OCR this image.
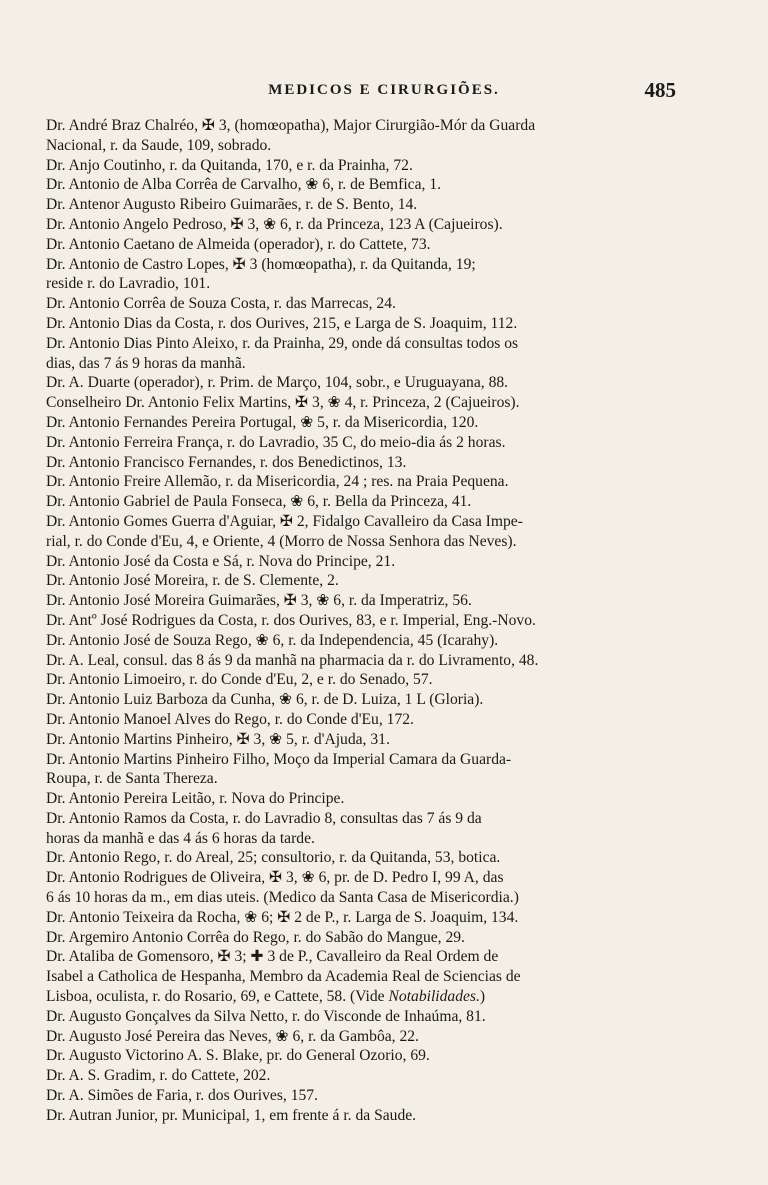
MEDICOS E CIRURGIÕES.	485
Dr. André Braz Chalréo, ✠ 3, (homœopatha), Major Cirurgião-Mór da Guarda
Nacional, r. da Saude, 109, sobrado.
Dr. Anjo Coutinho, r. da Quitanda, 170, e r. da Prainha, 72.
Dr. Antonio de Alba Corrêa de Carvalho, ❀ 6, r. de Bemfica, 1.
Dr. Antenor Augusto Ribeiro Guimarães, r. de S. Bento, 14.
Dr. Antonio Angelo Pedroso, ✠ 3, ❀ 6, r. da Princeza, 123 A (Cajueiros).
Dr. Antonio Caetano de Almeida (operador), r. do Cattete, 73.
Dr. Antonio de Castro Lopes, ✠ 3 (homœopatha), r. da Quitanda, 19;
reside r. do Lavradio, 101.
Dr. Antonio Corrêa de Souza Costa, r. das Marrecas, 24.
Dr. Antonio Dias da Costa, r. dos Ourives, 215, e Larga de S. Joaquim, 112.
Dr. Antonio Dias Pinto Aleixo, r. da Prainha, 29, onde dá consultas todos os
dias, das 7 ás 9 horas da manhã.
Dr. A. Duarte (operador), r. Prim. de Março, 104, sobr., e Uruguayana, 88.
Conselheiro Dr. Antonio Felix Martins, ✠ 3, ❀ 4, r. Princeza, 2 (Cajueiros).
Dr. Antonio Fernandes Pereira Portugal, ❀ 5, r. da Misericordia, 120.
Dr. Antonio Ferreira França, r. do Lavradio, 35 C, do meio-dia ás 2 horas.
Dr. Antonio Francisco Fernandes, r. dos Benedictinos, 13.
Dr. Antonio Freire Allemão, r. da Misericordia, 24 ; res. na Praia Pequena.
Dr. Antonio Gabriel de Paula Fonseca, ❀ 6, r. Bella da Princeza, 41.
Dr. Antonio Gomes Guerra d'Aguiar, ✠ 2, Fidalgo Cavalleiro da Casa Impe-
rial, r. do Conde d'Eu, 4, e Oriente, 4 (Morro de Nossa Senhora das Neves).
Dr. Antonio José da Costa e Sá, r. Nova do Principe, 21.
Dr. Antonio José Moreira, r. de S. Clemente, 2.
Dr. Antonio José Moreira Guimarães, ✠ 3, ❀ 6, r. da Imperatriz, 56.
Dr. Antº José Rodrigues da Costa, r. dos Ourives, 83, e r. Imperial, Eng.-Novo.
Dr. Antonio José de Souza Rego, ❀ 6, r. da Independencia, 45 (Icarahy).
Dr. A. Leal, consul. das 8 ás 9 da manhã na pharmacia da r. do Livramento, 48.
Dr. Antonio Limoeiro, r. do Conde d'Eu, 2, e r. do Senado, 57.
Dr. Antonio Luiz Barboza da Cunha, ❀ 6, r. de D. Luiza, 1 L (Gloria).
Dr. Antonio Manoel Alves do Rego, r. do Conde d'Eu, 172.
Dr. Antonio Martins Pinheiro, ✠ 3, ❀ 5, r. d'Ajuda, 31.
Dr. Antonio Martins Pinheiro Filho, Moço da Imperial Camara da Guarda-
Roupa, r. de Santa Thereza.
Dr. Antonio Pereira Leitão, r. Nova do Principe.
Dr. Antonio Ramos da Costa, r. do Lavradio 8, consultas das 7 ás 9 da
horas da manhã e das 4 ás 6 horas da tarde.
Dr. Antonio Rego, r. do Areal, 25; consultorio, r. da Quitanda, 53, botica.
Dr. Antonio Rodrigues de Oliveira, ✠ 3, ❀ 6, pr. de D. Pedro I, 99 A, das
6 ás 10 horas da m., em dias uteis. (Medico da Santa Casa de Misericordia.)
Dr. Antonio Teixeira da Rocha, ❀ 6; ✠ 2 de P., r. Larga de S. Joaquim, 134.
Dr. Argemiro Antonio Corrêa do Rego, r. do Sabão do Mangue, 29.
Dr. Ataliba de Gomensoro, ✠ 3; ✚ 3 de P., Cavalleiro da Real Ordem de
Isabel a Catholica de Hespanha, Membro da Academia Real de Sciencias de
Lisboa, oculista, r. do Rosario, 69, e Cattete, 58. (Vide Notabilidades.)
Dr. Augusto Gonçalves da Silva Netto, r. do Visconde de Inhaúma, 81.
Dr. Augusto José Pereira das Neves, ❀ 6, r. da Gambôa, 22.
Dr. Augusto Victorino A. S. Blake, pr. do General Ozorio, 69.
Dr. A. S. Gradim, r. do Cattete, 202.
Dr. A. Simões de Faria, r. dos Ourives, 157.
Dr. Autran Junior, pr. Municipal, 1, em frente á r. da Saude.
